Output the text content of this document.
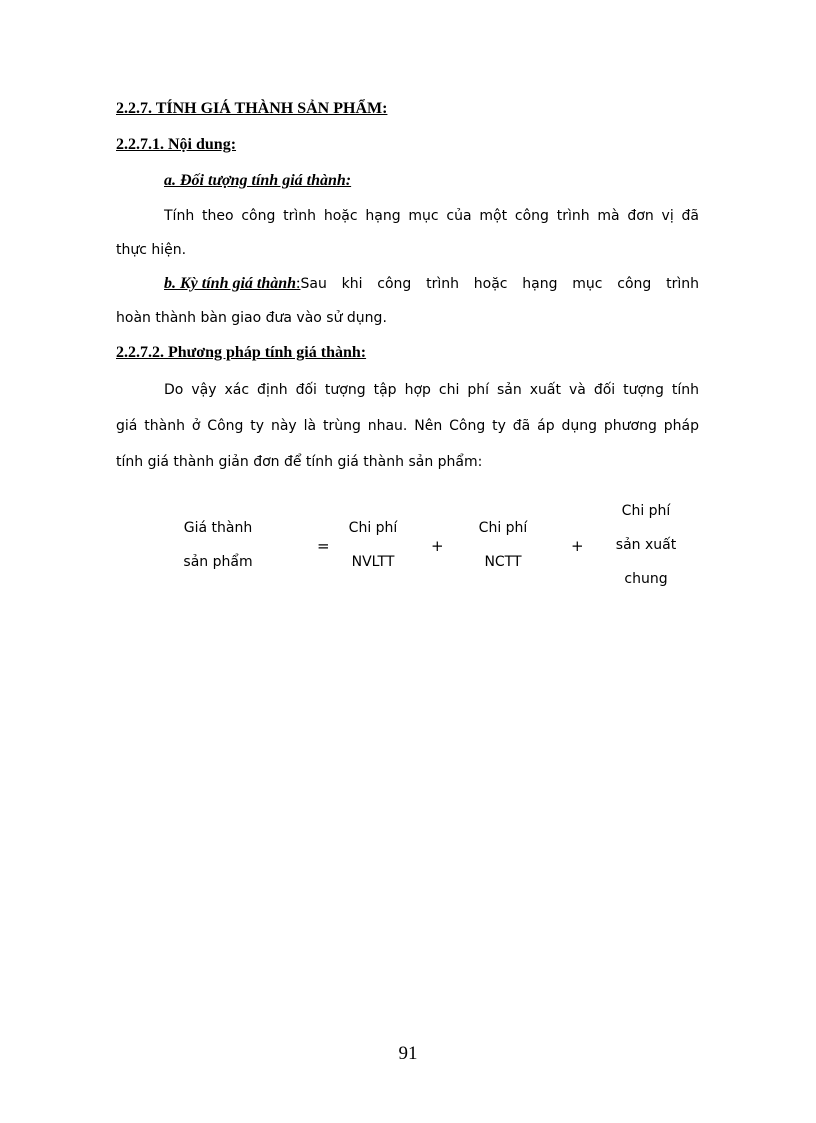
2.2.7. TÍNH GIÁ THÀNH SẢN PHẨM:
2.2.7.1. Nội dung:
a. Đối tượng tính giá thành:
Tính theo công trình hoặc hạng mục của một công trình mà đơn vị đã
thực hiện.
b. Kỳ tính giá thành : Sau khi công trình hoặc hạng mục công trình
hoàn thành bàn giao đưa vào sử dụng.
2.2.7.2. Phương pháp tính giá thành:
Do vậy xác định đối tượng tập hợp chi phí sản xuất và đối tượng tính
giá thành ở Công ty này là trùng nhau. Nên Công ty đã áp dụng phương pháp
tính giá thành giản đơn để tính giá thành sản phẩm:
Giá thành
sản phẩm
=
Chi phí
NVLTT
+
Chi phí
NCTT
+
Chi phí
sản xuất
chung
91
